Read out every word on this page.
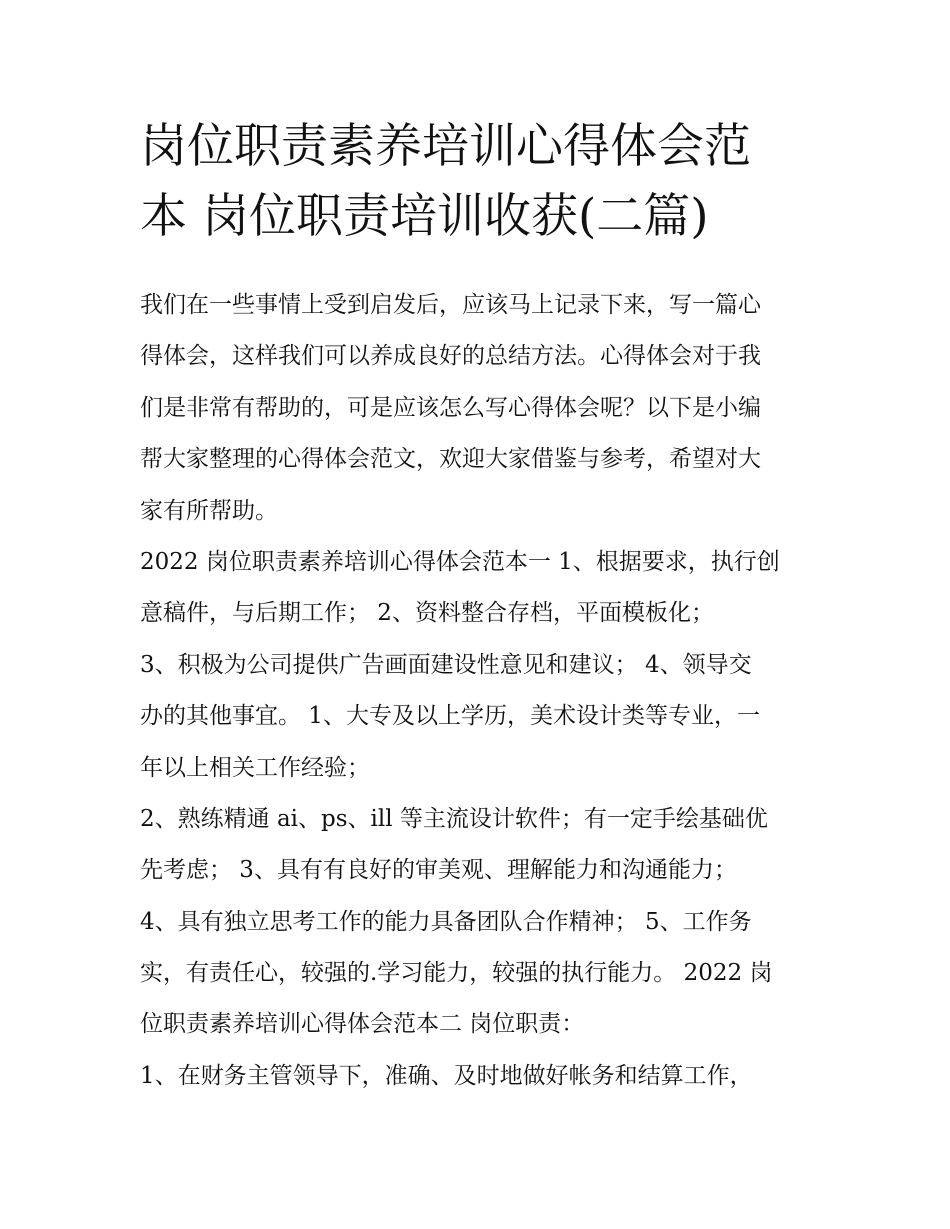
岗位职责素养培训心得体会范
本 岗位职责培训收获(二篇)
我们在一些事情上受到启发后，应该马上记录下来，写一篇心
得体会，这样我们可以养成良好的总结方法。心得体会对于我
们是非常有帮助的，可是应该怎么写心得体会呢？以下是小编
帮大家整理的心得体会范文，欢迎大家借鉴与参考，希望对大
家有所帮助。
2022 岗位职责素养培训心得体会范本一 1、根据要求，执行创
意稿件，与后期工作； 2、资料整合存档，平面模板化；
3、积极为公司提供广告画面建设性意见和建议； 4、领导交
办的其他事宜。 1、大专及以上学历，美术设计类等专业，一
年以上相关工作经验；
2、熟练精通 ai、ps、ill 等主流设计软件；有一定手绘基础优
先考虑； 3、具有有良好的审美观、理解能力和沟通能力；
4、具有独立思考工作的能力具备团队合作精神； 5、工作务
实，有责任心，较强的.学习能力，较强的执行能力。 2022 岗
位职责素养培训心得体会范本二 岗位职责：
1、在财务主管领导下，准确、及时地做好帐务和结算工作，
